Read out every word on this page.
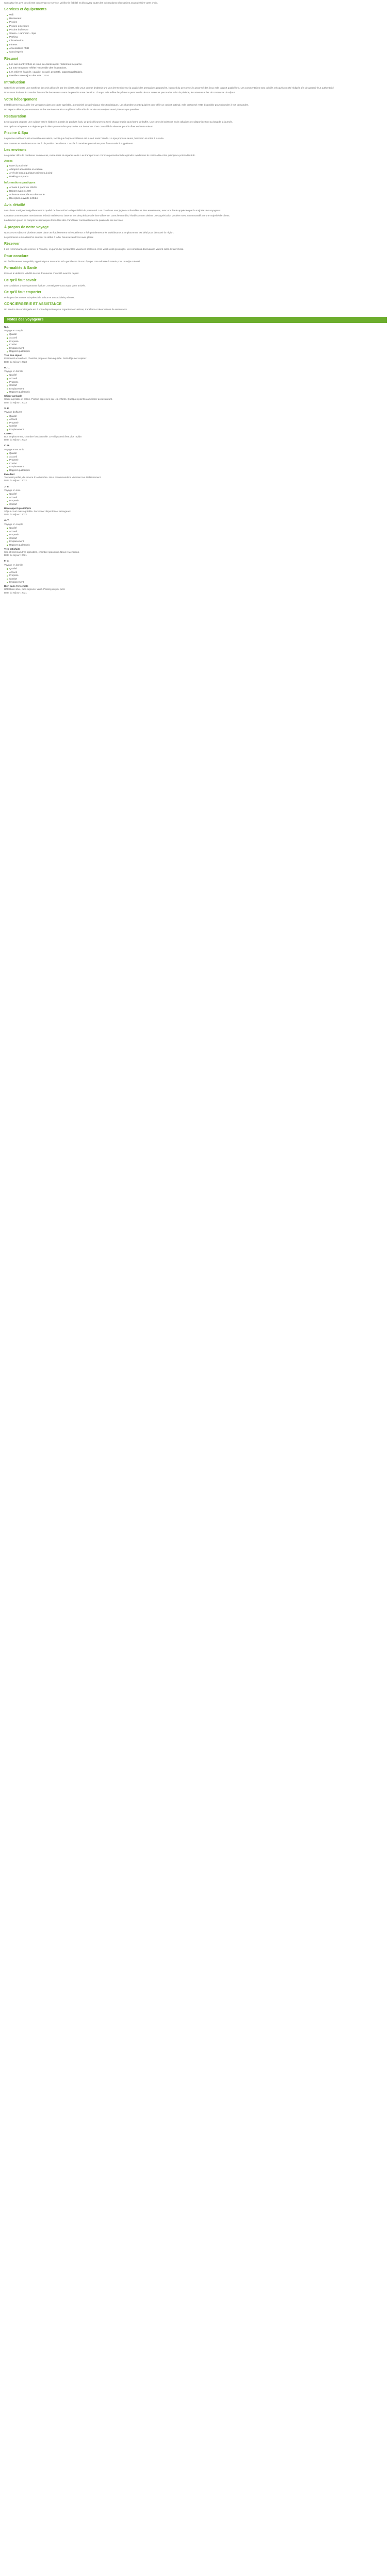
Consultez les avis des clients concernant ce service, vérifiez la fiabilité et découvrez toutes les informations nécessaires avant de faire votre choix.
Services et équipements
Wifi
Restaurant
Piscine
Piscine extérieure
Piscine intérieure
Sauna - Hammam - Spa
Parking
Climatisation
Fitness
Accessibilité PMR
Conciergerie
Résumé
Les avis sont vérifiés et issus de clients ayant réellement séjourné.
La note moyenne reflète l'ensemble des évaluations.
Les critères évalués : qualité, accueil, propreté, rapport qualité/prix.
Dernière mise à jour des avis : 2024.
Introduction

Cette fiche présente une synthèse des avis déposés par les clients. Elle vous permet d'obtenir une vue d'ensemble sur la qualité des prestations proposées, l'accueil du personnel, la propreté des lieux et le rapport qualité/prix. Les commentaires sont publiés tels qu'ils ont été rédigés afin de garantir leur authenticité.

Nous vous invitons à consulter l'ensemble des retours avant de prendre votre décision. Chaque avis reflète l'expérience personnelle de son auteur et peut varier selon la période, les attentes et les circonstances du séjour.

Votre hébergement

L'établissement accueille les voyageurs dans un cadre agréable, à proximité des principaux sites touristiques. Les chambres sont équipées pour offrir un confort optimal, et le personnel reste disponible pour répondre à vos demandes.

Un espace détente, un restaurant et des services variés complètent l'offre afin de rendre votre séjour aussi plaisant que possible.

Restauration

Le restaurant propose une cuisine variée élaborée à partir de produits frais. Le petit-déjeuner est servi chaque matin sous forme de buffet. Une carte de boissons et de collations est disponible tout au long de la journée.

Des options adaptées aux régimes particuliers peuvent être proposées sur demande. Il est conseillé de réserver pour le dîner en haute saison.

Piscine & Spa

La piscine extérieure est accessible en saison, tandis que l'espace intérieur est ouvert toute l'année. Le spa propose sauna, hammam et soins à la carte.

Des transats et serviettes sont mis à disposition des clients. L'accès à certaines prestations peut être soumis à supplément.

Les environs

Le quartier offre de nombreux commerces, restaurants et espaces verts. Les transports en commun permettent de rejoindre rapidement le centre-ville et les principaux points d'intérêt.

Accès
Gare à proximité
Aéroport accessible en voiture
Arrêt de bus à quelques minutes à pied
Parking sur place
Informations pratiques
Arrivée à partir de 15h00
Départ avant 11h00
Animaux acceptés sur demande
Réception ouverte 24h/24
Avis détaillé

Les clients soulignent régulièrement la qualité de l'accueil et la disponibilité du personnel. Les chambres sont jugées confortables et bien entretenues, avec une literie appréciée par la majorité des voyageurs.

Certains commentaires mentionnent le bruit extérieur ou l'attente lors des périodes de forte affluence. Dans l'ensemble, l'établissement obtient une appréciation positive et est recommandé par une majorité de clients.

La direction prend en compte les remarques formulées afin d'améliorer continuellement la qualité de ses services.

À propos de notre voyage

Nous avons séjourné plusieurs nuits dans cet établissement et l'expérience a été globalement très satisfaisante. L'emplacement est idéal pour découvrir la région.

Le personnel a été attentif et souriant du début à la fin. Nous reviendrons avec plaisir.

Réserver

Il est recommandé de réserver à l'avance, en particulier pendant les vacances scolaires et les week-ends prolongés. Les conditions d'annulation varient selon le tarif choisi.

Pour conclure

Un établissement de qualité, apprécié pour son cadre et la gentillesse de son équipe. Une adresse à retenir pour un séjour réussi.

Formalités & Santé

Pensez à vérifier la validité de vos documents d'identité avant le départ.

Ce qu'il faut savoir

Les conditions d'accès peuvent évoluer ; renseignez-vous avant votre arrivée.

Ce qu'il faut emporter

Prévoyez des tenues adaptées à la saison et aux activités prévues.

CONCIERGERIE ET ASSISTANCE

Un service de conciergerie est à votre disposition pour organiser excursions, transferts et réservations de restaurants.

Notes des voyageurs
N.D.
Voyage en couple
Qualité
Accueil
Propreté
Confort
Emplacement
Rapport qualité/prix
Très bon séjour

Personnel accueillant, chambre propre et bien équipée. Petit-déjeuner copieux.

Date du séjour : 2023
M. L.
Voyage en famille
Qualité
Accueil
Propreté
Confort
Emplacement
Rapport qualité/prix
Séjour agréable

Cadre agréable et calme. Piscine appréciée par les enfants. Quelques points à améliorer au restaurant.

Date du séjour : 2023
S. P.
Voyage d'affaires
Qualité
Accueil
Propreté
Confort
Emplacement
Correct

Bon emplacement, chambre fonctionnelle. Le wifi pourrait être plus rapide.

Date du séjour : 2022
C. R.
Voyage entre amis
Qualité
Accueil
Propreté
Confort
Emplacement
Rapport qualité/prix
Excellent

Tout était parfait, du service à la chambre. Nous recommandons vivement cet établissement.

Date du séjour : 2022
J. B.
Voyage en solo
Qualité
Accueil
Propreté
Confort
Bon rapport qualité/prix

Séjour court mais agréable. Personnel disponible et arrangeant.

Date du séjour : 2022
A. T.
Voyage en couple
Qualité
Accueil
Propreté
Confort
Emplacement
Rapport qualité/prix
Très satisfaits

Spa et hammam très agréables, chambre spacieuse. Nous reviendrons.

Date du séjour : 2021
F. G.
Voyage en famille
Qualité
Accueil
Propreté
Confort
Emplacement
Bien dans l'ensemble

Hôtel bien situé, petit-déjeuner varié. Parking un peu petit.

Date du séjour : 2021
